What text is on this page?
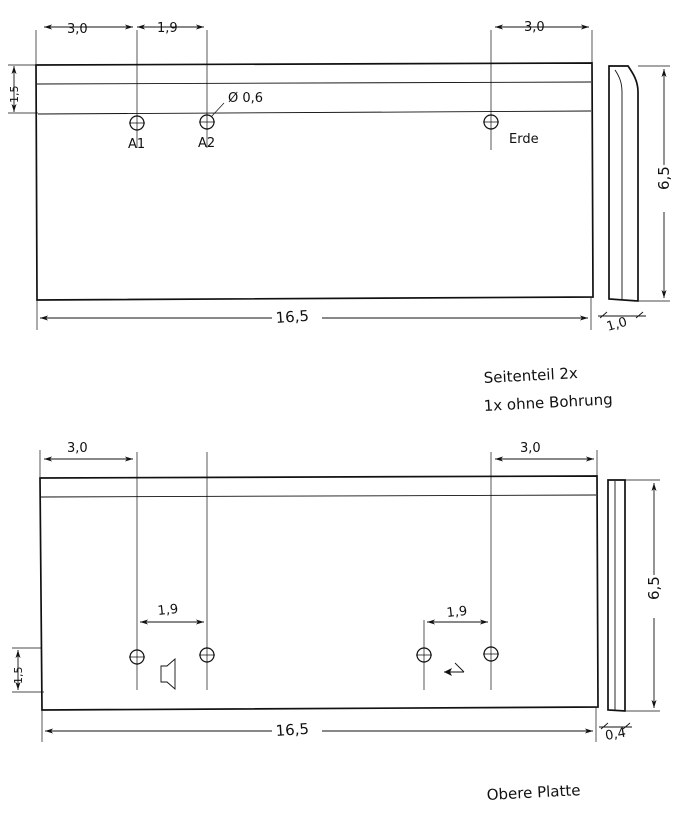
3,0	1,9	3,0
1,5	Ø 0,6
16,5
6,5
1,0
A1	A2	Erde
Seitenteil 2x
1x ohne Bohrung
3,0	3,0
1,9	1,9
1,5
16,5
6,5
0,4
Obere Platte
